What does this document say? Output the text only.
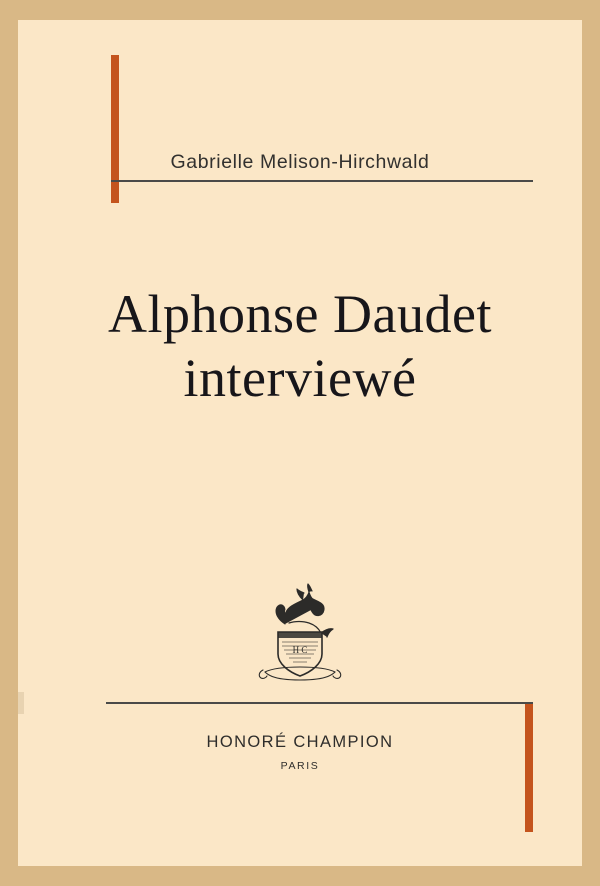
Gabrielle Melison-Hirchwald
Alphonse Daudet
interviewé
H C
HONORÉ CHAMPION
PARIS
